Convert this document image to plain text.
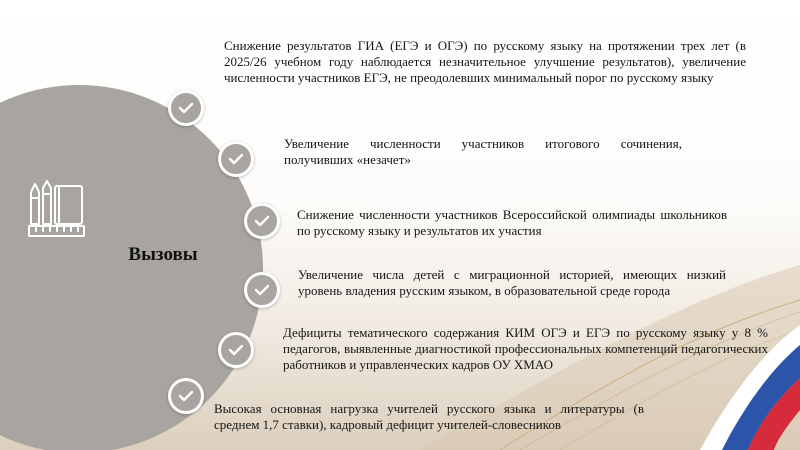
Вызовы
Снижение результатов ГИА (ЕГЭ и ОГЭ) по русскому языку на протяжении трех лет (в 2025/26 учебном году наблюдается незначительное улучшение результатов), увеличение численности участников ЕГЭ, не преодолевших минимальный порог по русскому языку
Увеличение численности участников итогового сочинения, получивших «незачет»
Снижение численности участников Всероссийской олимпиады школьников по русскому языку и результатов их участия
Увеличение числа детей с миграционной историей, имеющих низкий уровень владения русским языком, в образовательной среде города
Дефициты тематического содержания КИМ ОГЭ и ЕГЭ по русскому языку у 8 % педагогов, выявленные диагностикой профессиональных компетенций педагогических работников и управленческих кадров ОУ ХМАО
Высокая основная нагрузка учителей русского языка и литературы (в среднем 1,7 ставки), кадровый дефицит учителей-словесников
